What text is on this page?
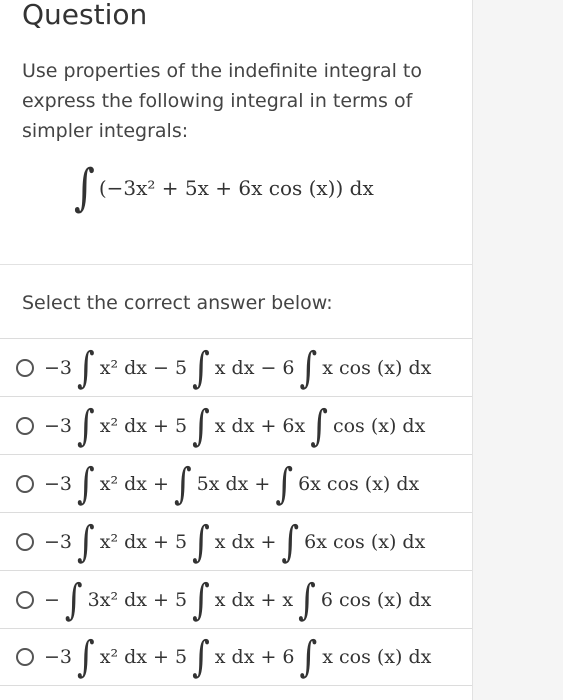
Question
Use properties of the indefinite integral to express the following integral in terms of simpler integrals:
∫ (−3x² + 5x + 6x cos (x)) dx
Select the correct answer below:
−3 ∫ x² dx − 5 ∫ x dx − 6 ∫ x cos (x) dx
−3 ∫ x² dx + 5 ∫ x dx + 6x ∫ cos (x) dx
−3 ∫ x² dx + ∫ 5x dx + ∫ 6x cos (x) dx
−3 ∫ x² dx + 5 ∫ x dx + ∫ 6x cos (x) dx
− ∫ 3x² dx + 5 ∫ x dx + x ∫ 6 cos (x) dx
−3 ∫ x² dx + 5 ∫ x dx + 6 ∫ x cos (x) dx
